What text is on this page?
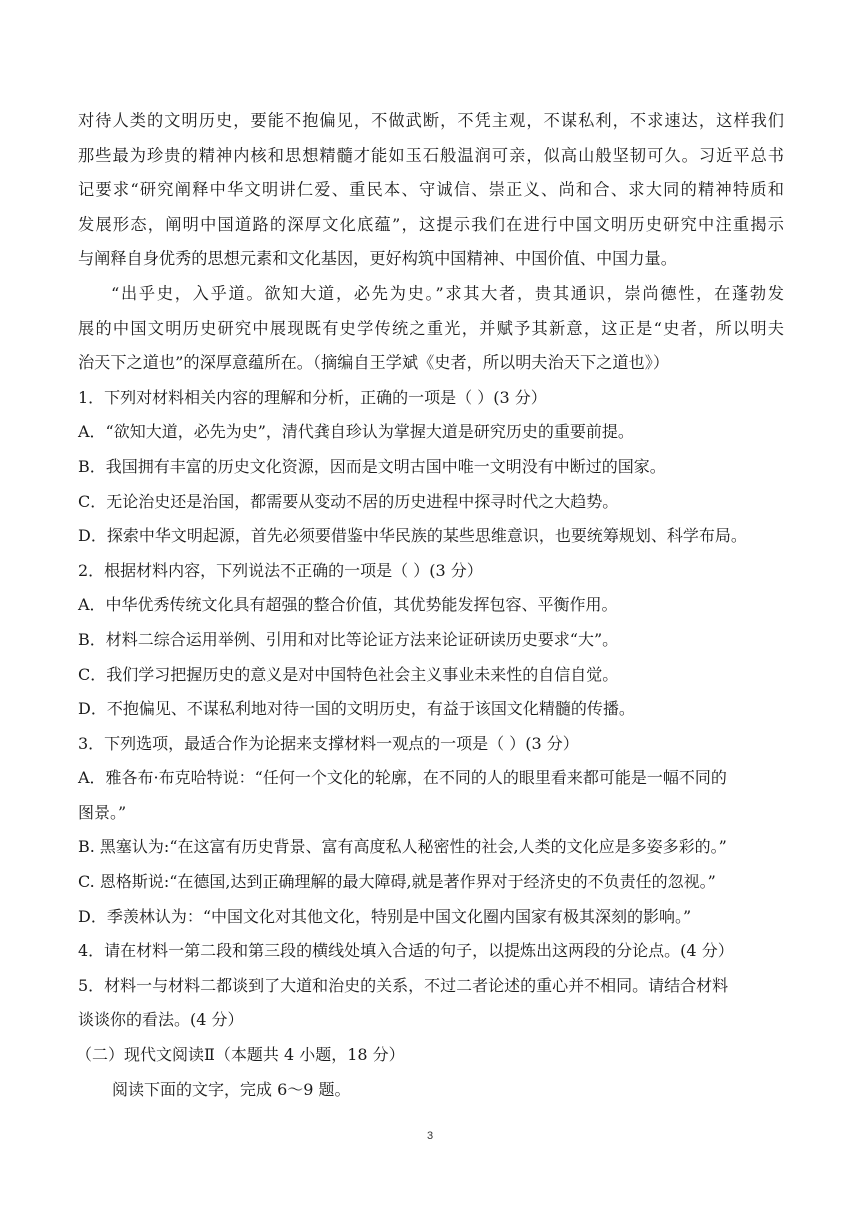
对待人类的文明历史，要能不抱偏见，不做武断，不凭主观，不谋私利，不求速达，这样我们

那些最为珍贵的精神内核和思想精髓才能如玉石般温润可亲，似高山般坚韧可久。习近平总书

记要求“研究阐释中华文明讲仁爱、重民本、守诚信、崇正义、尚和合、求大同的精神特质和

发展形态，阐明中国道路的深厚文化底蕴”，这提示我们在进行中国文明历史研究中注重揭示

与阐释自身优秀的思想元素和文化基因，更好构筑中国精神、中国价值、中国力量。

“出乎史，入乎道。欲知大道，必先为史。”求其大者，贵其通识，崇尚德性，在蓬勃发

展的中国文明历史研究中展现既有史学传统之重光，并赋予其新意，这正是“史者，所以明夫

治天下之道也”的深厚意蕴所在。（摘编自王学斌《史者，所以明夫治天下之道也》）

1．下列对材料相关内容的理解和分析，正确的一项是（ ）(3 分）

A．“欲知大道，必先为史”，清代龚自珍认为掌握大道是研究历史的重要前提。

B．我国拥有丰富的历史文化资源，因而是文明古国中唯一文明没有中断过的国家。

C．无论治史还是治国，都需要从变动不居的历史进程中探寻时代之大趋势。

D．探索中华文明起源，首先必须要借鉴中华民族的某些思维意识，也要统筹规划、科学布局。

2．根据材料内容，下列说法不正确的一项是（ ）(3 分）

A．中华优秀传统文化具有超强的整合价值，其优势能发挥包容、平衡作用。

B．材料二综合运用举例、引用和对比等论证方法来论证研读历史要求“大”。

C．我们学习把握历史的意义是对中国特色社会主义事业未来性的自信自觉。

D．不抱偏见、不谋私利地对待一国的文明历史，有益于该国文化精髓的传播。

3．下列选项，最适合作为论据来支撑材料一观点的一项是（ ）(3 分）

A．雅各布·布克哈特说：“任何一个文化的轮廓，在不同的人的眼里看来都可能是一幅不同的

图景。”

B. 黑塞认为:“在这富有历史背景、富有高度私人秘密性的社会,人类的文化应是多姿多彩的。”

C. 恩格斯说:“在德国,达到正确理解的最大障碍,就是著作界对于经济史的不负责任的忽视。”

D．季羡林认为：“中国文化对其他文化，特别是中国文化圈内国家有极其深刻的影响。”

4．请在材料一第二段和第三段的横线处填入合适的句子，以提炼出这两段的分论点。(4 分）

5．材料一与材料二都谈到了大道和治史的关系，不过二者论述的重心并不相同。请结合材料

谈谈你的看法。(4 分）

（二）现代文阅读Ⅱ（本题共 4 小题，18 分）

阅读下面的文字，完成 6～9 题。

3
